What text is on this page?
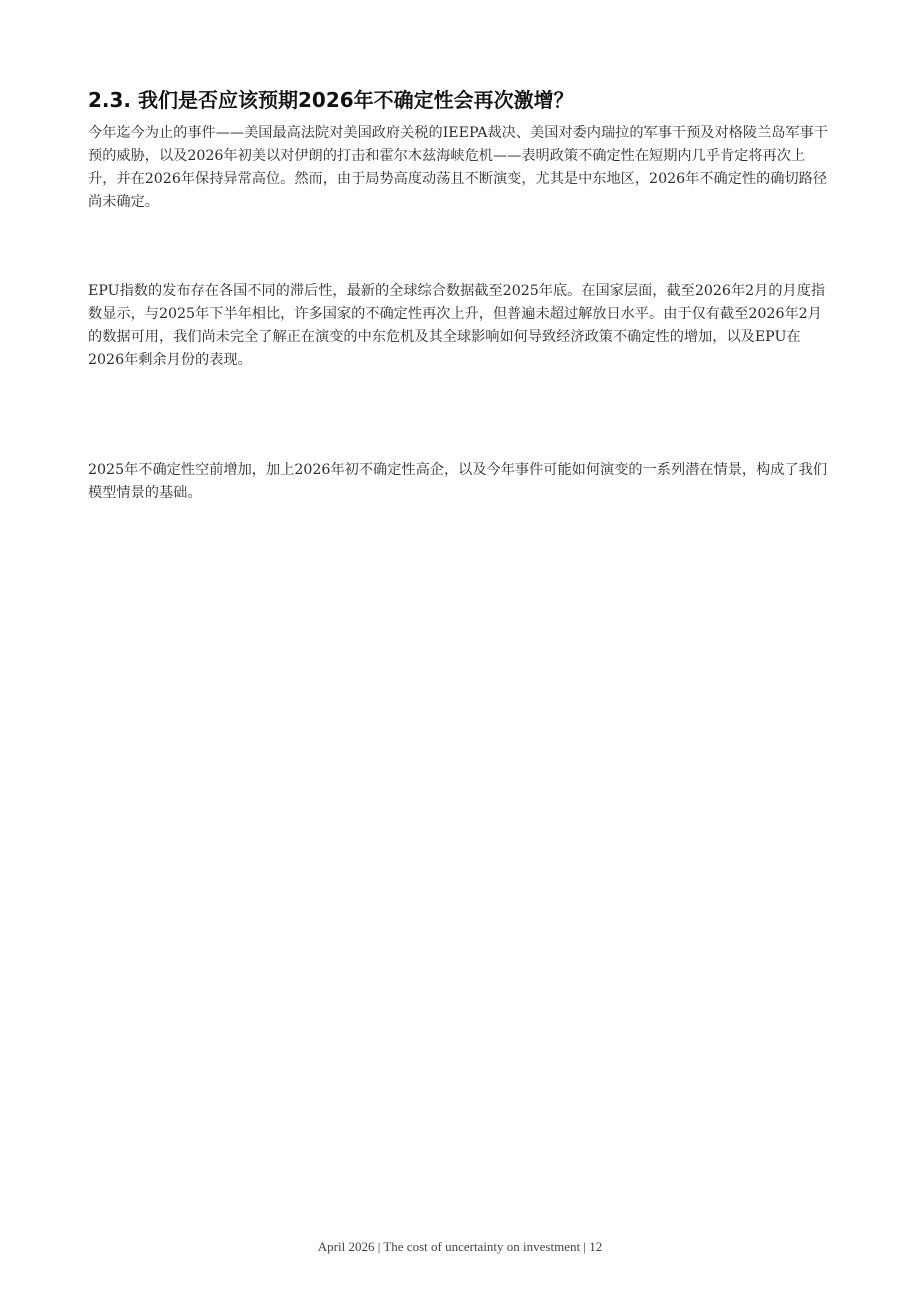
2.3. 我们是否应该预期2026年不确定性会再次激增？

今年迄今为止的事件——美国最高法院对美国政府关税的IEEPA裁决、美国对委内瑞拉的军事干预及对格陵兰岛军事干预的威胁，以及2026年初美以对伊朗的打击和霍尔木兹海峡危机——表明政策不确定性在短期内几乎肯定将再次上升，并在2026年保持异常高位。然而，由于局势高度动荡且不断演变，尤其是中东地区，2026年不确定性的确切路径尚未确定。

EPU指数的发布存在各国不同的滞后性，最新的全球综合数据截至2025年底。在国家层面，截至2026年2月的月度指数显示，与2025年下半年相比，许多国家的不确定性再次上升，但普遍未超过解放日水平。由于仅有截至2026年2月的数据可用，我们尚未完全了解正在演变的中东危机及其全球影响如何导致经济政策不确定性的增加，以及EPU在2026年剩余月份的表现。

2025年不确定性空前增加，加上2026年初不确定性高企，以及今年事件可能如何演变的一系列潜在情景，构成了我们模型情景的基础。

April 2026 | The cost of uncertainty on investment | 12
